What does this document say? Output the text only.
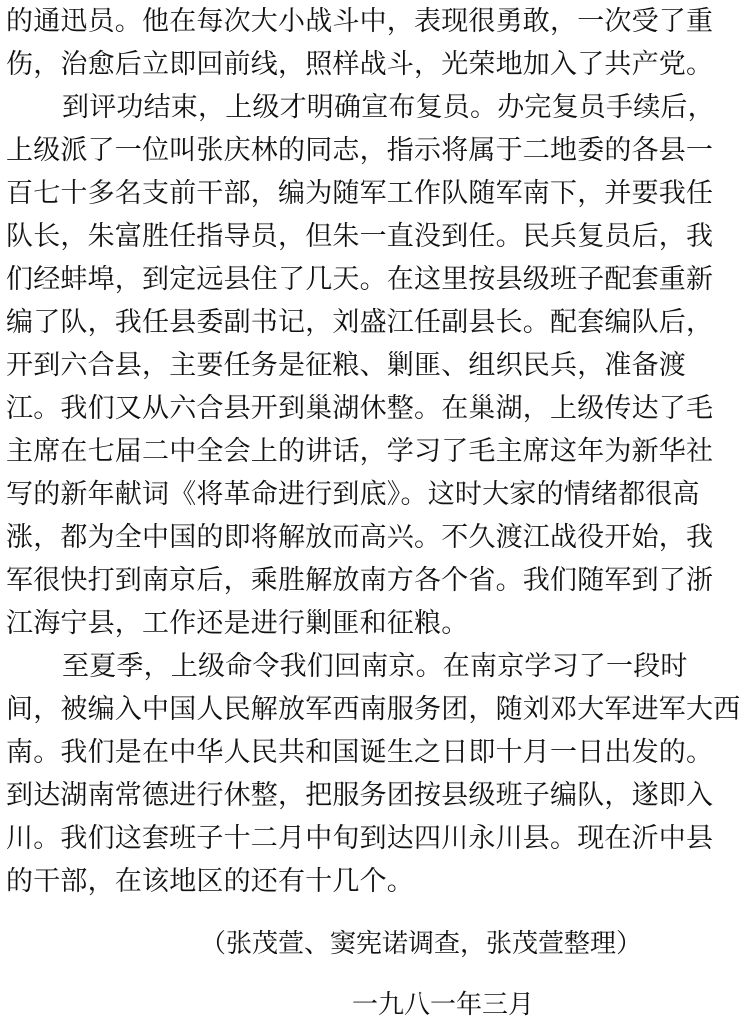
的通迅员。他在每次大小战斗中，表现很勇敢，一次受了重
伤，治愈后立即回前线，照样战斗，光荣地加入了共产党。
到评功结束，上级才明确宣布复员。办完复员手续后，
上级派了一位叫张庆林的同志，指示将属于二地委的各县一
百七十多名支前干部，编为随军工作队随军南下，并要我任
队长，朱富胜任指导员，但朱一直没到任。民兵复员后，我
们经蚌埠，到定远县住了几天。在这里按县级班子配套重新
编了队，我任县委副书记，刘盛江任副县长。配套编队后，
开到六合县，主要任务是征粮、剿匪、组织民兵，准备渡
江。我们又从六合县开到巢湖休整。在巢湖，上级传达了毛
主席在七届二中全会上的讲话，学习了毛主席这年为新华社
写的新年献词《将革命进行到底》。这时大家的情绪都很高
涨，都为全中国的即将解放而高兴。不久渡江战役开始，我
军很快打到南京后，乘胜解放南方各个省。我们随军到了浙
江海宁县，工作还是进行剿匪和征粮。
至夏季，上级命令我们回南京。在南京学习了一段时
间，被编入中国人民解放军西南服务团，随刘邓大军进军大西
南。我们是在中华人民共和国诞生之日即十月一日出发的。
到达湖南常德进行休整，把服务团按县级班子编队，遂即入
川。我们这套班子十二月中旬到达四川永川县。现在沂中县
的干部，在该地区的还有十几个。
（张茂萱、窦宪诺调查，张茂萱整理）
一九八一年三月
